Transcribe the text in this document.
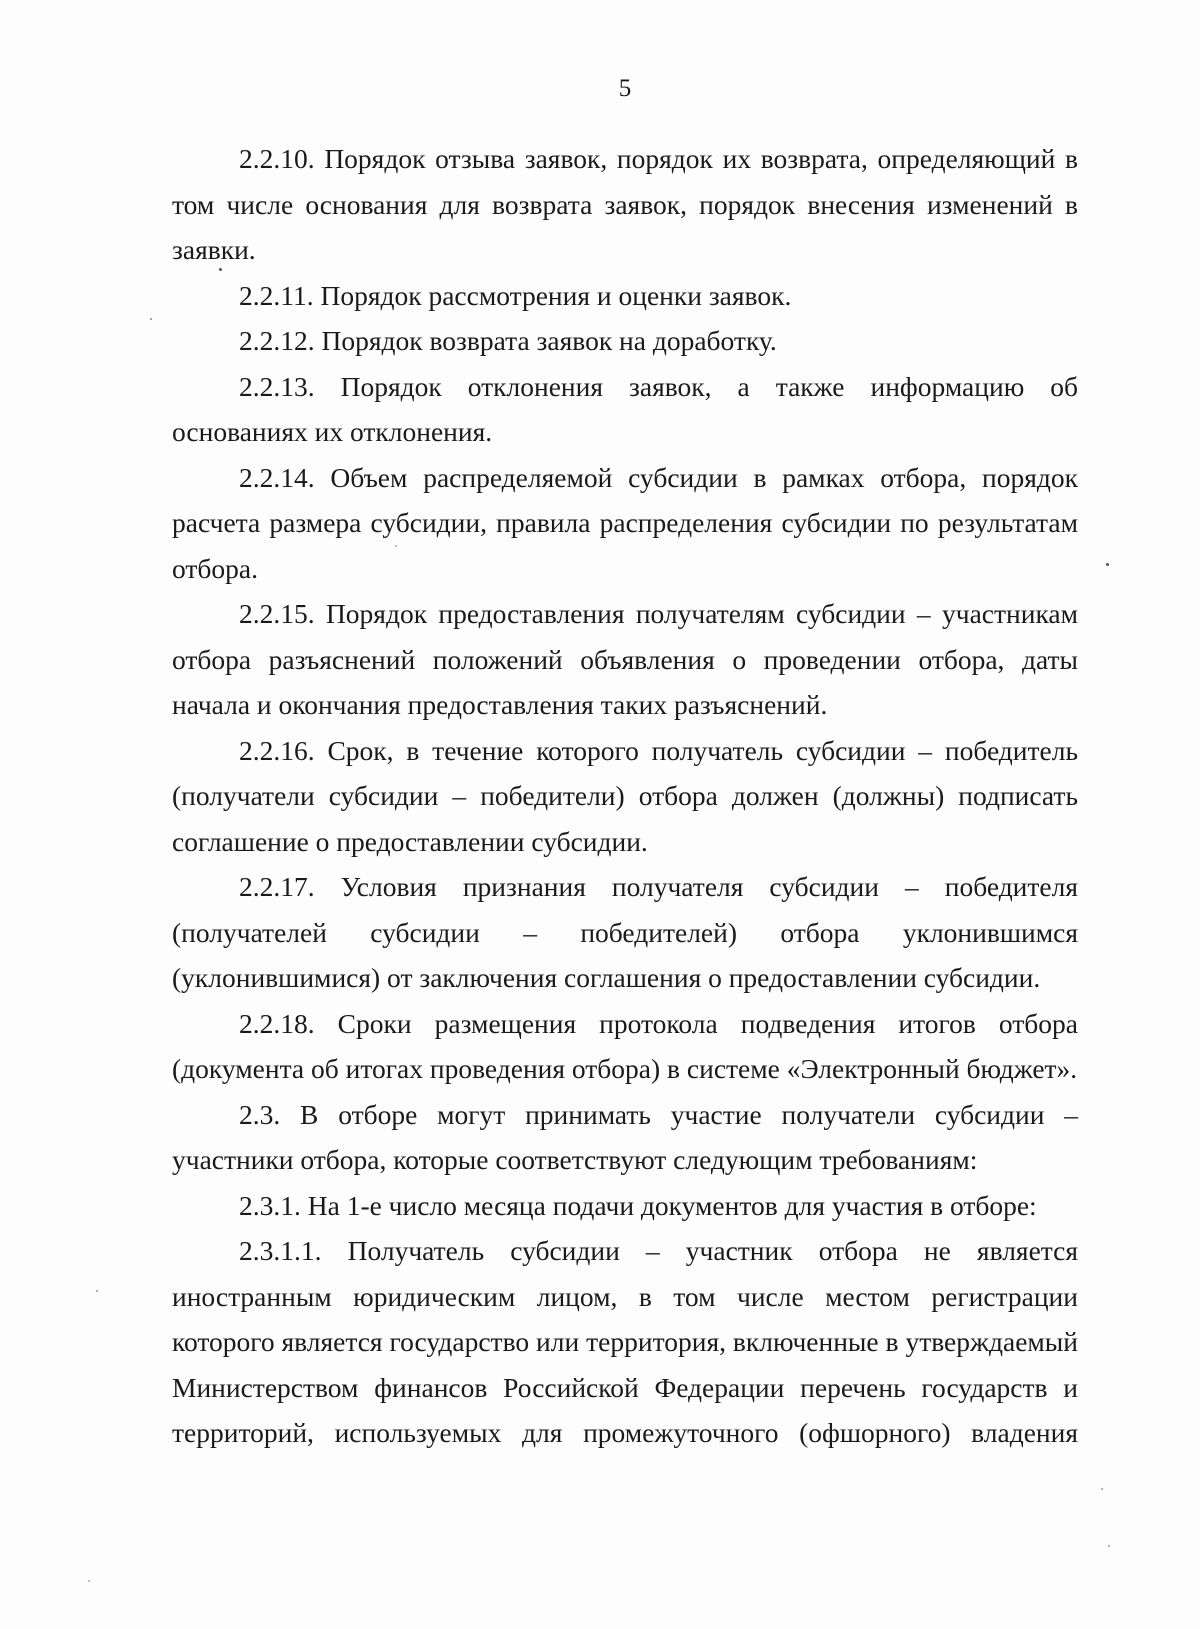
5

2.2.10. Порядок отзыва заявок, порядок их возврата, определяющий в том числе основания для возврата заявок, порядок внесения изменений в заявки.

2.2.11. Порядок рассмотрения и оценки заявок.

2.2.12. Порядок возврата заявок на доработку.

2.2.13. Порядок отклонения заявок, а также информацию об основаниях их отклонения.

2.2.14. Объем распределяемой субсидии в рамках отбора, порядок расчета размера субсидии, правила распределения субсидии по результатам отбора.

2.2.15. Порядок предоставления получателям субсидии – участникам отбора разъяснений положений объявления о проведении отбора, даты начала и окончания предоставления таких разъяснений.

2.2.16. Срок, в течение которого получатель субсидии – победитель (получатели субсидии – победители) отбора должен (должны) подписать соглашение о предоставлении субсидии.

2.2.17. Условия признания получателя субсидии – победителя (получателей субсидии – победителей) отбора уклонившимся (уклонившимися) от заключения соглашения о предоставлении субсидии.

2.2.18. Сроки размещения протокола подведения итогов отбора (документа об итогах проведения отбора) в системе «Электронный бюджет».

2.3. В отборе могут принимать участие получатели субсидии – участники отбора, которые соответствуют следующим требованиям:

2.3.1. На 1-е число месяца подачи документов для участия в отборе:

2.3.1.1. Получатель субсидии – участник отбора не является иностранным юридическим лицом, в том числе местом регистрации которого является государство или территория, включенные в утверждаемый Министерством финансов Российской Федерации перечень государств и территорий, используемых для промежуточного (офшорного) владения
